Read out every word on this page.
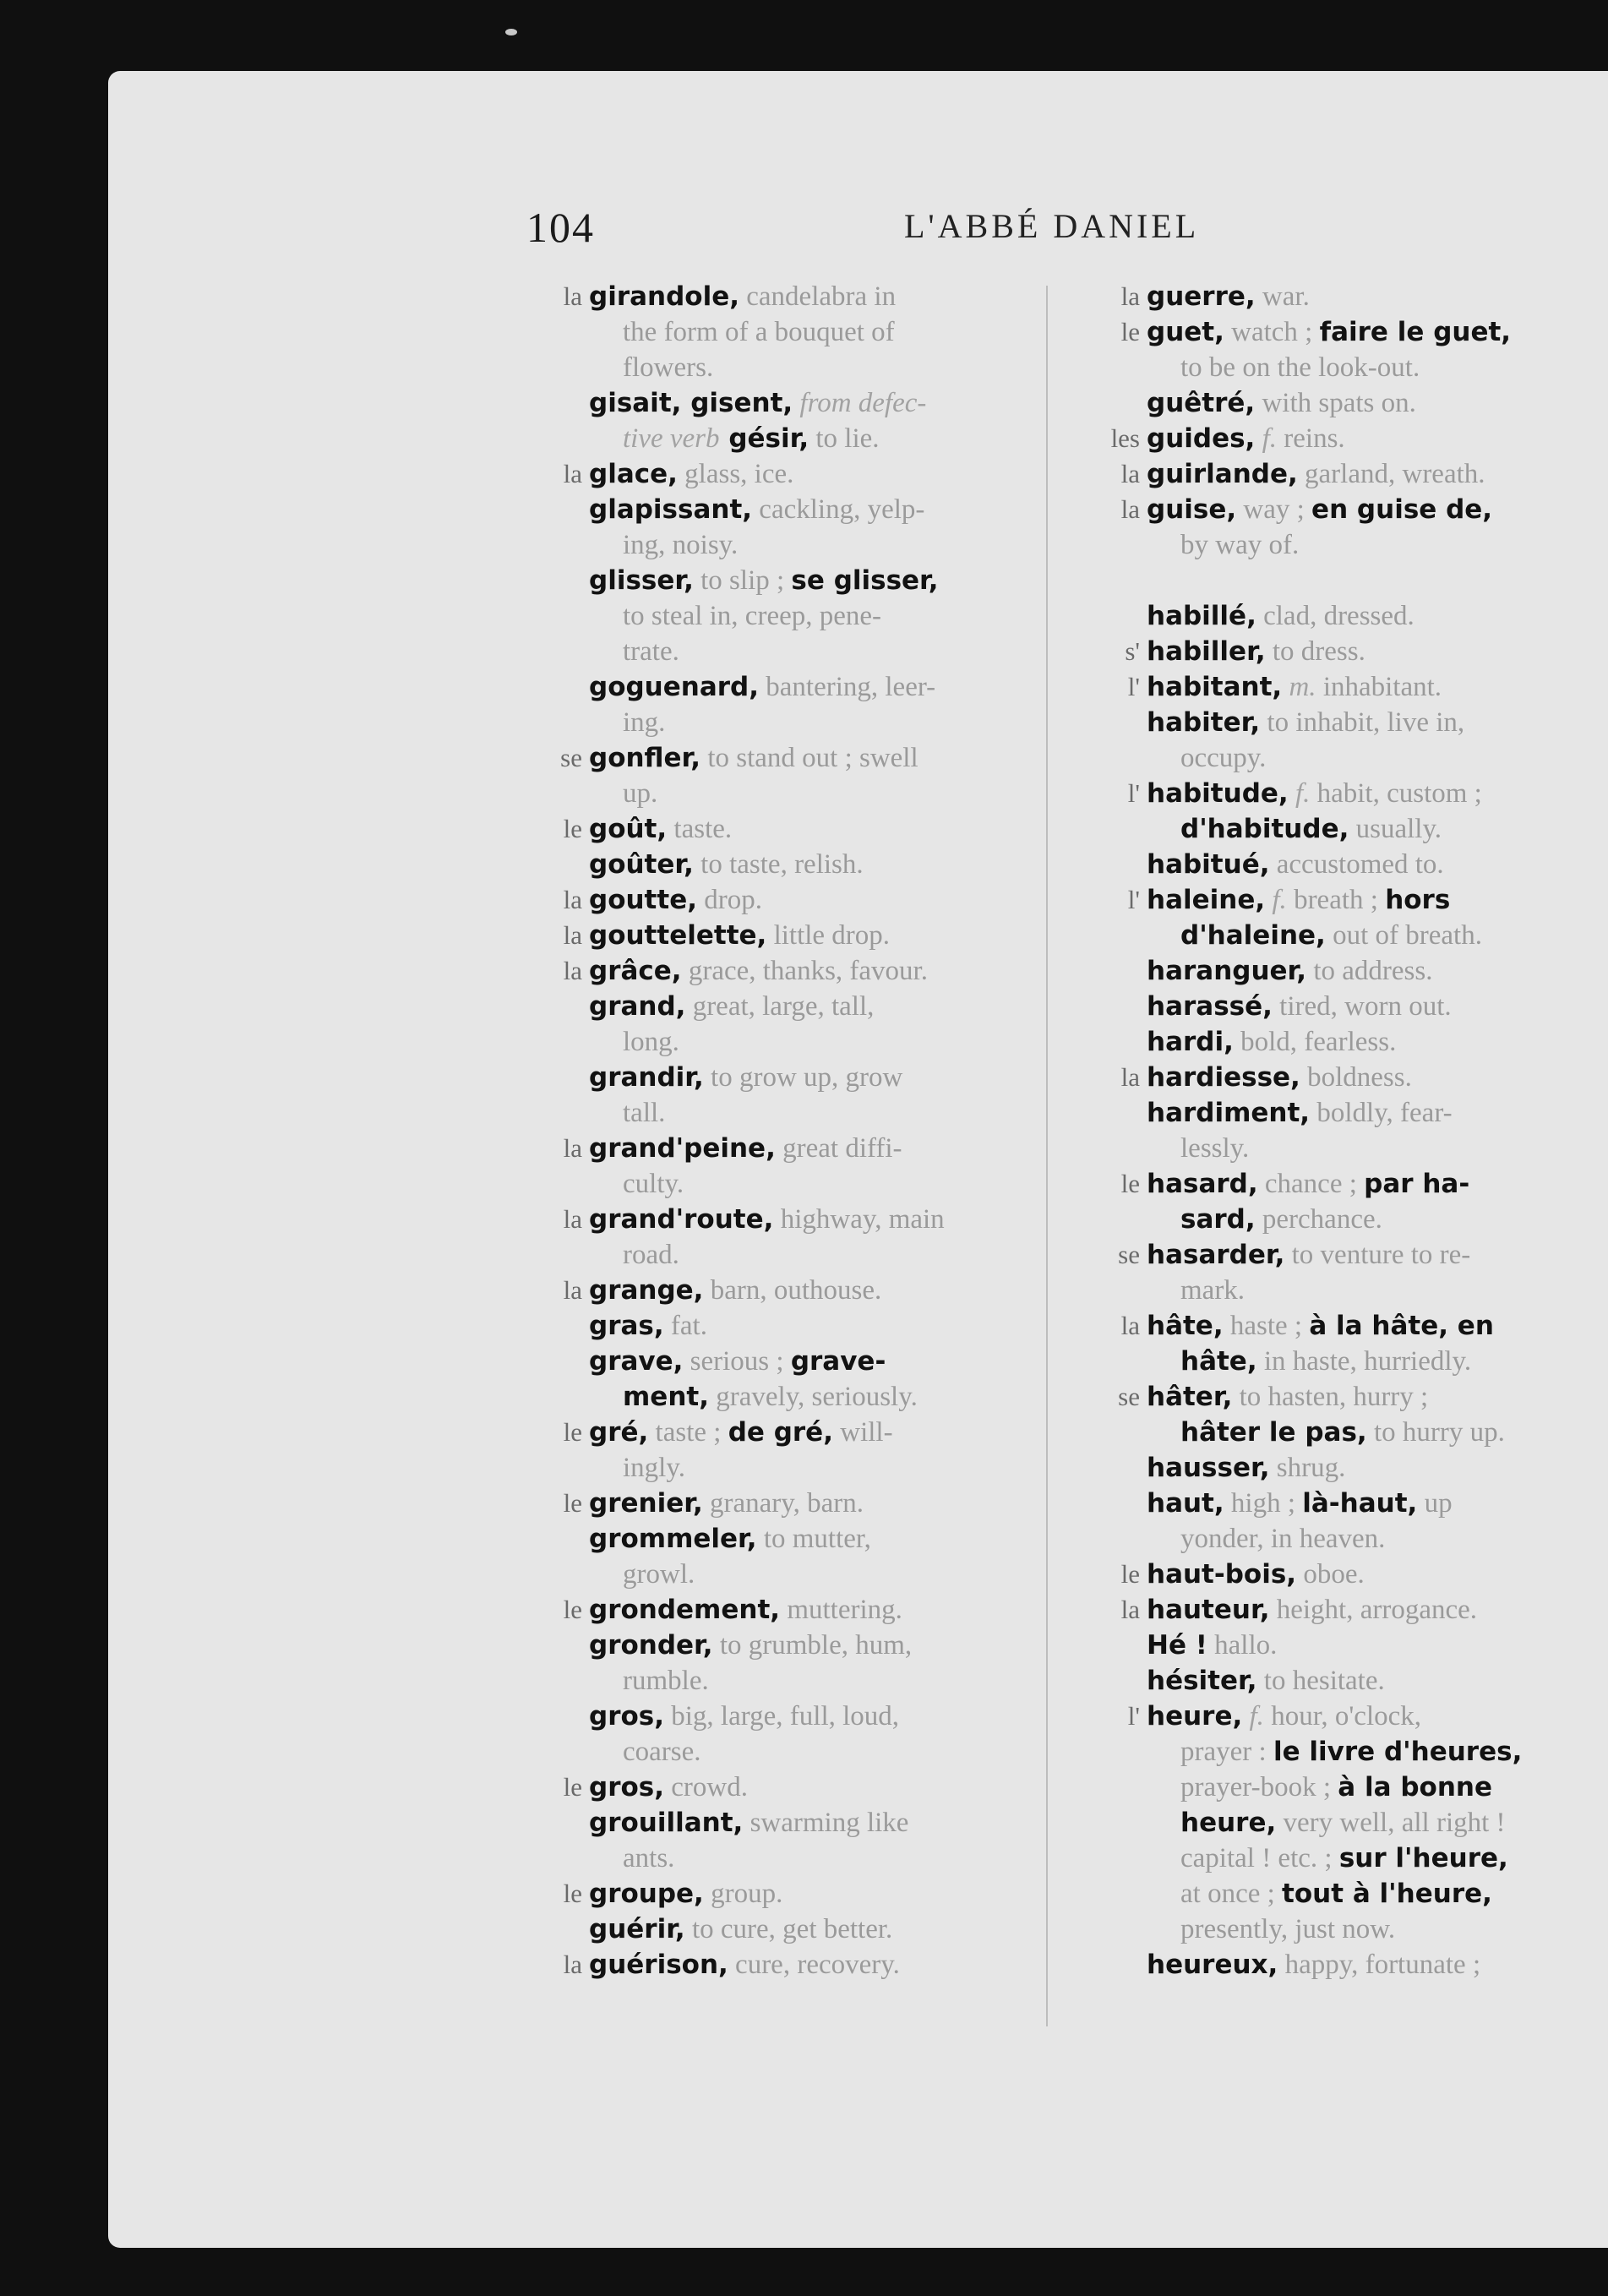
104	L'ABBÉ DANIEL
la girandole, candelabra in
the form of a bouquet of
flowers.
gisait, gisent, from defec-
tive verb gésir, to lie.
la glace, glass, ice.
glapissant, cackling, yelp-
ing, noisy.
glisser, to slip ; se glisser,
to steal in, creep, pene-
trate.
goguenard, bantering, leer-
ing.
se gonfler, to stand out ; swell
up.
le goût, taste.
goûter, to taste, relish.
la goutte, drop.
la gouttelette, little drop.
la grâce, grace, thanks, favour.
grand, great, large, tall,
long.
grandir, to grow up, grow
tall.
la grand'peine, great diffi-
culty.
la grand'route, highway, main
road.
la grange, barn, outhouse.
gras, fat.
grave, serious ; grave-
ment, gravely, seriously.
le gré, taste ; de gré, will-
ingly.
le grenier, granary, barn.
grommeler, to mutter,
growl.
le grondement, muttering.
gronder, to grumble, hum,
rumble.
gros, big, large, full, loud,
coarse.
le gros, crowd.
grouillant, swarming like
ants.
le groupe, group.
guérir, to cure, get better.
la guérison, cure, recovery.
la guerre, war.
le guet, watch ; faire le guet,
to be on the look-out.
guêtré, with spats on.
les guides, f. reins.
la guirlande, garland, wreath.
la guise, way ; en guise de,
by way of.
habillé, clad, dressed.
s' habiller, to dress.
l' habitant, m. inhabitant.
habiter, to inhabit, live in,
occupy.
l' habitude, f. habit, custom ;
d'habitude, usually.
habitué, accustomed to.
l' haleine, f. breath ; hors
d'haleine, out of breath.
haranguer, to address.
harassé, tired, worn out.
hardi, bold, fearless.
la hardiesse, boldness.
hardiment, boldly, fear-
lessly.
le hasard, chance ; par ha-
sard, perchance.
se hasarder, to venture to re-
mark.
la hâte, haste ; à la hâte, en
hâte, in haste, hurriedly.
se hâter, to hasten, hurry ;
hâter le pas, to hurry up.
hausser, shrug.
haut, high ; là-haut, up
yonder, in heaven.
le haut-bois, oboe.
la hauteur, height, arrogance.
Hé ! hallo.
hésiter, to hesitate.
l' heure, f. hour, o'clock,
prayer : le livre d'heures,
prayer-book ; à la bonne
heure, very well, all right !
capital ! etc. ; sur l'heure,
at once ; tout à l'heure,
presently, just now.
heureux, happy, fortunate ;
